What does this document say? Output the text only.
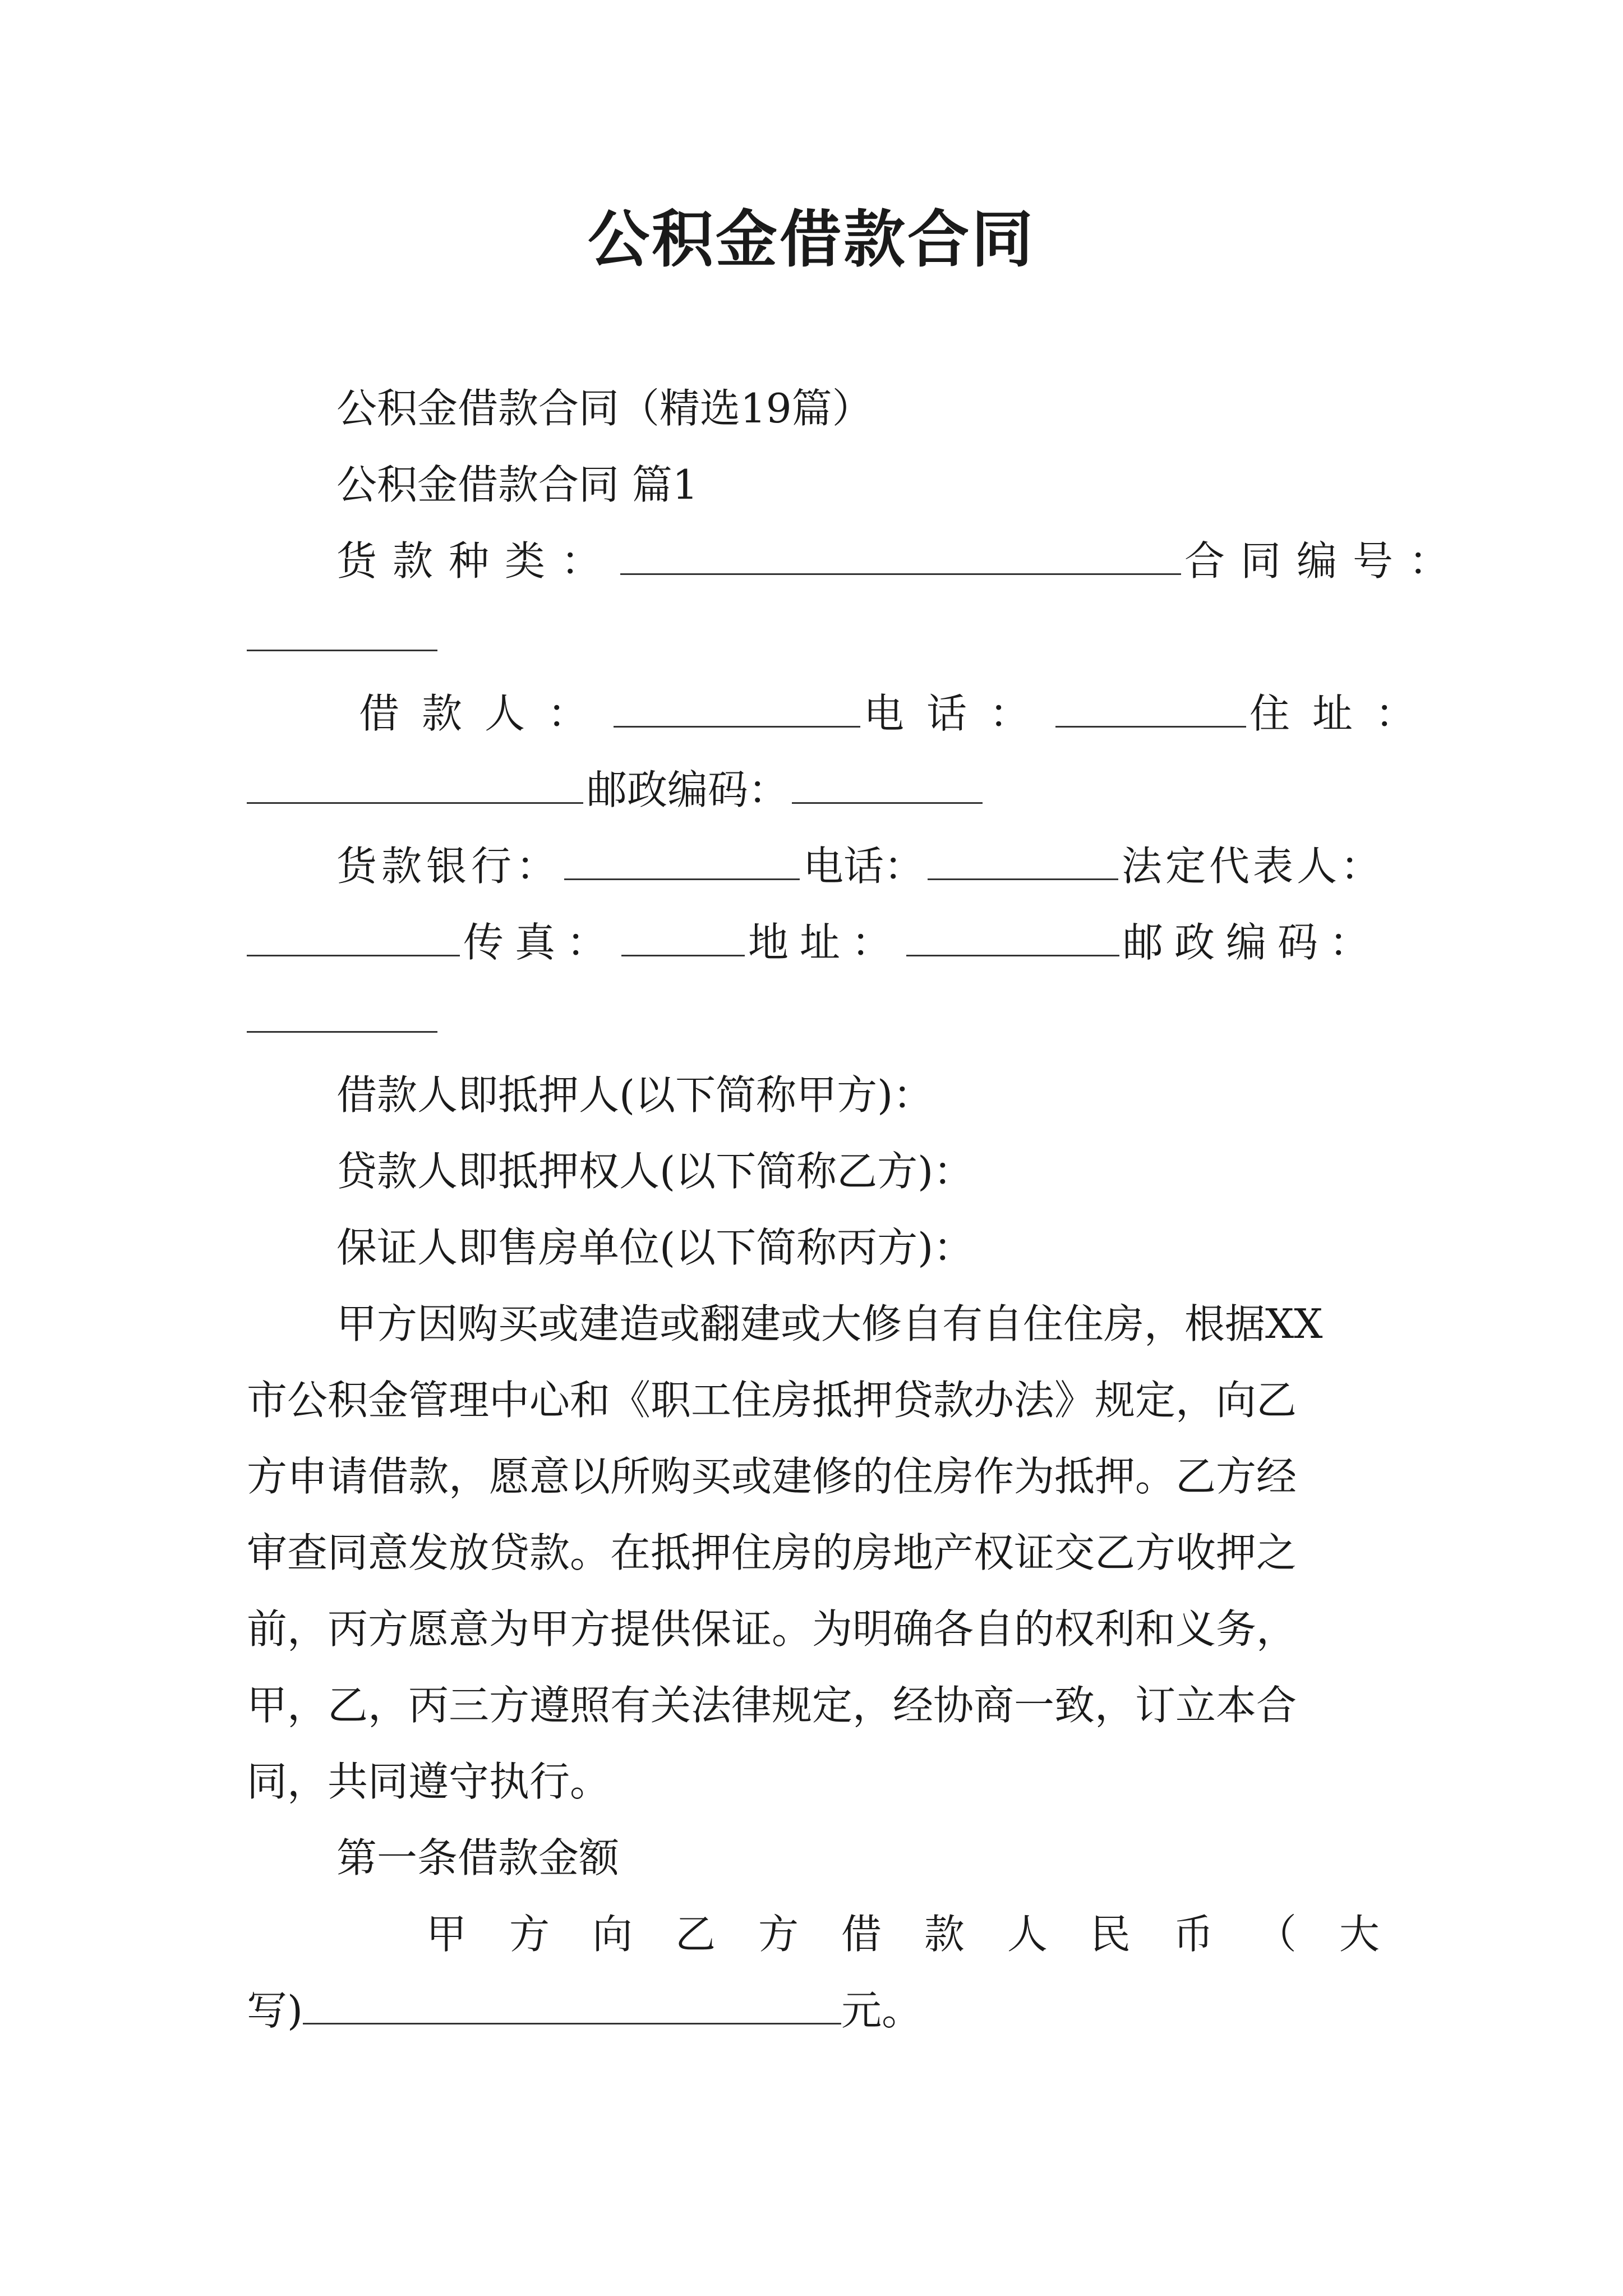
公积金借款合同
公积金借款合同（精选19篇）
公积金借款合同 篇1
货款种类：	合同编号：
借款人：	电话：	住址：
邮政编码：
货款银行：	电话：	法定代表人：
传真：	地址：	邮政编码：
借款人即抵押人(以下简称甲方)：
贷款人即抵押权人(以下简称乙方)：
保证人即售房单位(以下简称丙方)：
甲方因购买或建造或翻建或大修自有自住住房，根据XX
市公积金管理中心和《职工住房抵押贷款办法》规定，向乙
方申请借款，愿意以所购买或建修的住房作为抵押。乙方经
审查同意发放贷款。在抵押住房的房地产权证交乙方收押之
前，丙方愿意为甲方提供保证。为明确各自的权利和义务，
甲，乙，丙三方遵照有关法律规定，经协商一致，订立本合
同，共同遵守执行。
第一条借款金额
甲 方 向 乙 方 借 款 人 民 币 （ 大
写)	元。
